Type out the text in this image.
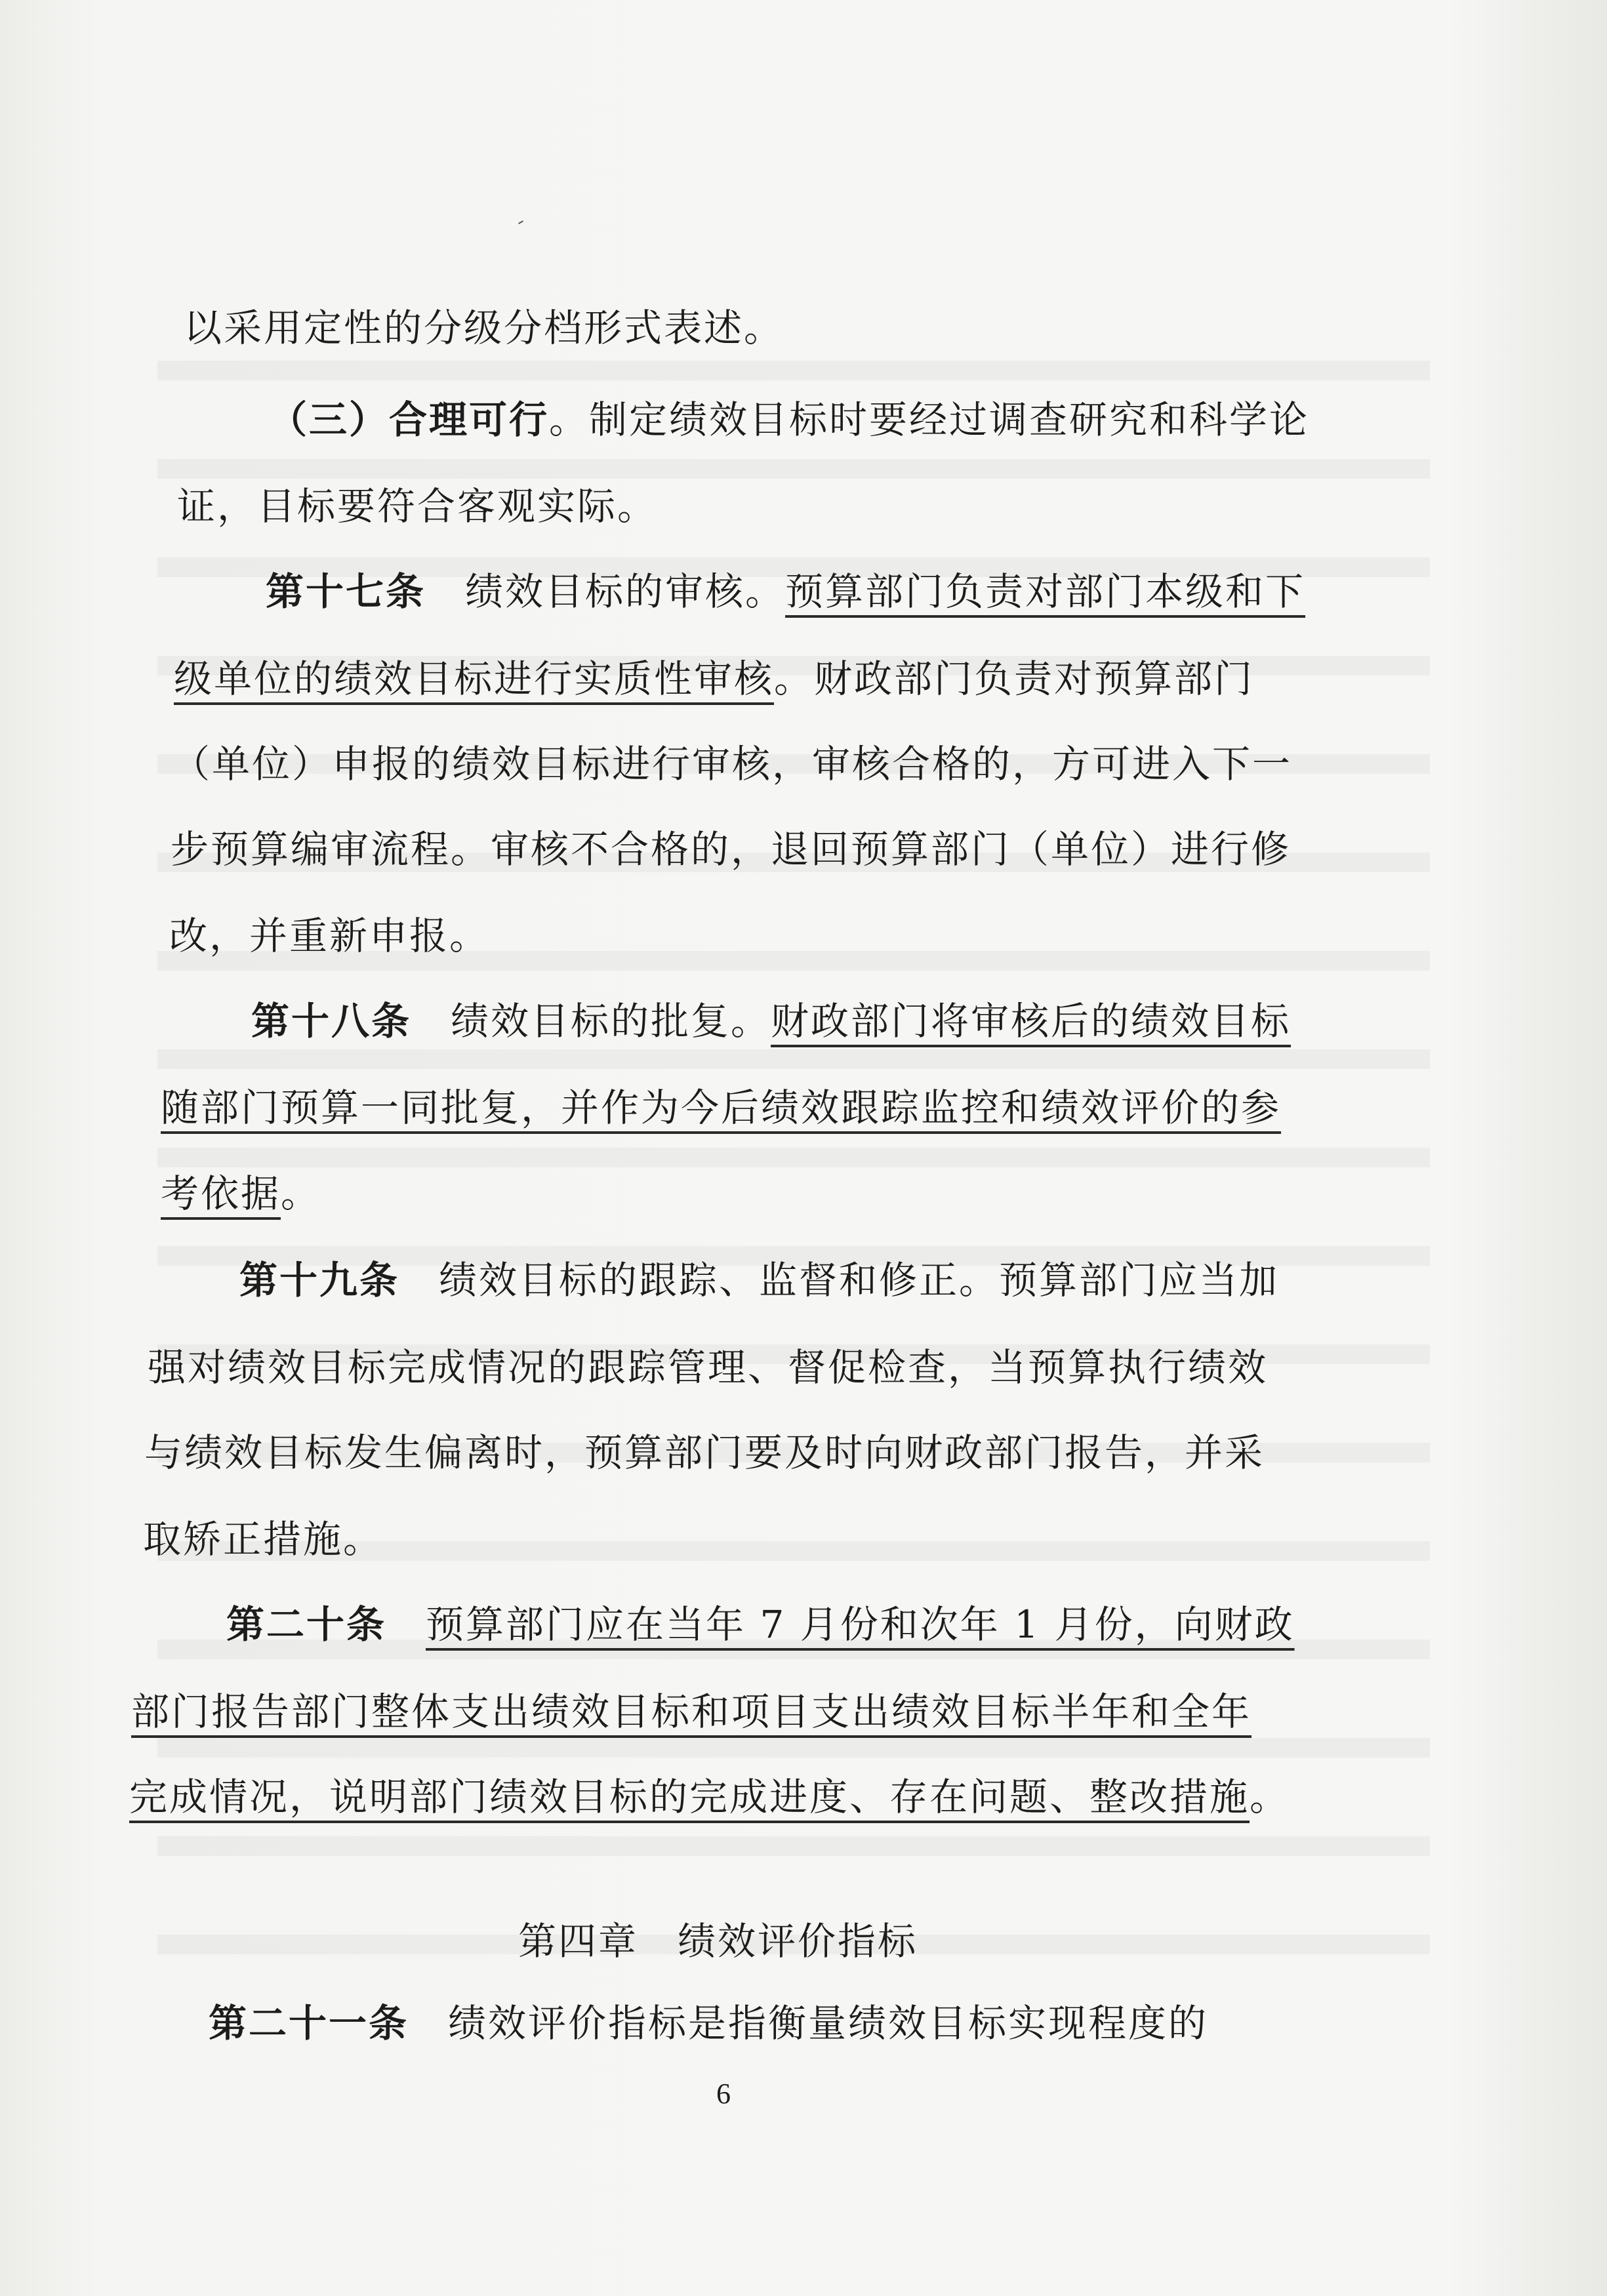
以采用定性的分级分档形式表述。
（三）合理可行。制定绩效目标时要经过调查研究和科学论
证，目标要符合客观实际。
第十七条 绩效目标的审核。预算部门负责对部门本级和下
级单位的绩效目标进行实质性审核。财政部门负责对预算部门
（单位）申报的绩效目标进行审核，审核合格的，方可进入下一
步预算编审流程。审核不合格的，退回预算部门（单位）进行修
改，并重新申报。
第十八条 绩效目标的批复。财政部门将审核后的绩效目标
随部门预算一同批复，并作为今后绩效跟踪监控和绩效评价的参
考依据。
第十九条 绩效目标的跟踪、监督和修正。预算部门应当加
强对绩效目标完成情况的跟踪管理、督促检查，当预算执行绩效
与绩效目标发生偏离时，预算部门要及时向财政部门报告，并采
取矫正措施。
第二十条 预算部门应在当年 7 月份和次年 1 月份，向财政
部门报告部门整体支出绩效目标和项目支出绩效目标半年和全年
完成情况，说明部门绩效目标的完成进度、存在问题、整改措施。
第四章 绩效评价指标
第二十一条 绩效评价指标是指衡量绩效目标实现程度的
6
